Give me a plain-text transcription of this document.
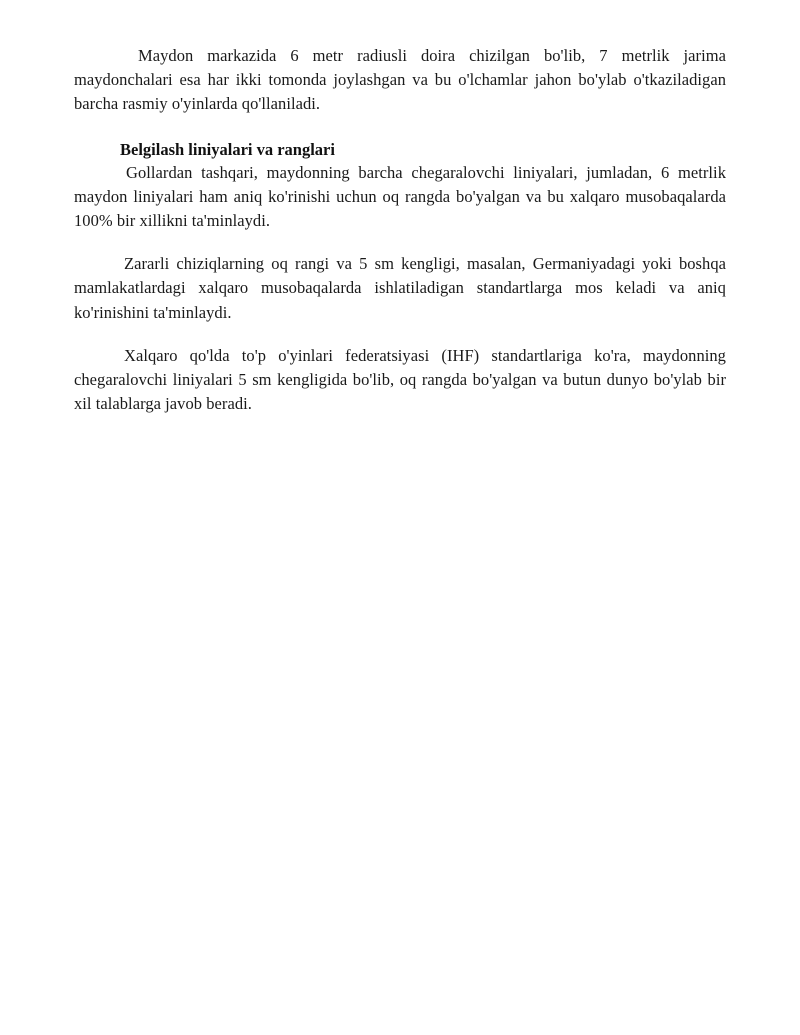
Maydon markazida 6 metr radiusli doira chizilgan bo'lib, 7 metrlik jarima maydonchalari esa har ikki tomonda joylashgan va bu o'lchamlar jahon bo'ylab o'tkaziladigan barcha rasmiy o'yinlarda qo'llaniladi.

Belgilash liniyalari va ranglari

Gollardan tashqari, maydonning barcha chegaralovchi liniyalari, jumladan, 6 metrlik maydon liniyalari ham aniq ko'rinishi uchun oq rangda bo'yalgan va bu xalqaro musobaqalarda 100% bir xillikni ta'minlaydi.

Zararli chiziqlarning oq rangi va 5 sm kengligi, masalan, Germaniyadagi yoki boshqa mamlakatlardagi xalqaro musobaqalarda ishlatiladigan standartlarga mos keladi va aniq ko'rinishini ta'minlaydi.

Xalqaro qo'lda to'p o'yinlari federatsiyasi (IHF) standartlariga ko'ra, maydonning chegaralovchi liniyalari 5 sm kengligida bo'lib, oq rangda bo'yalgan va butun dunyo bo'ylab bir xil talablarga javob beradi.
